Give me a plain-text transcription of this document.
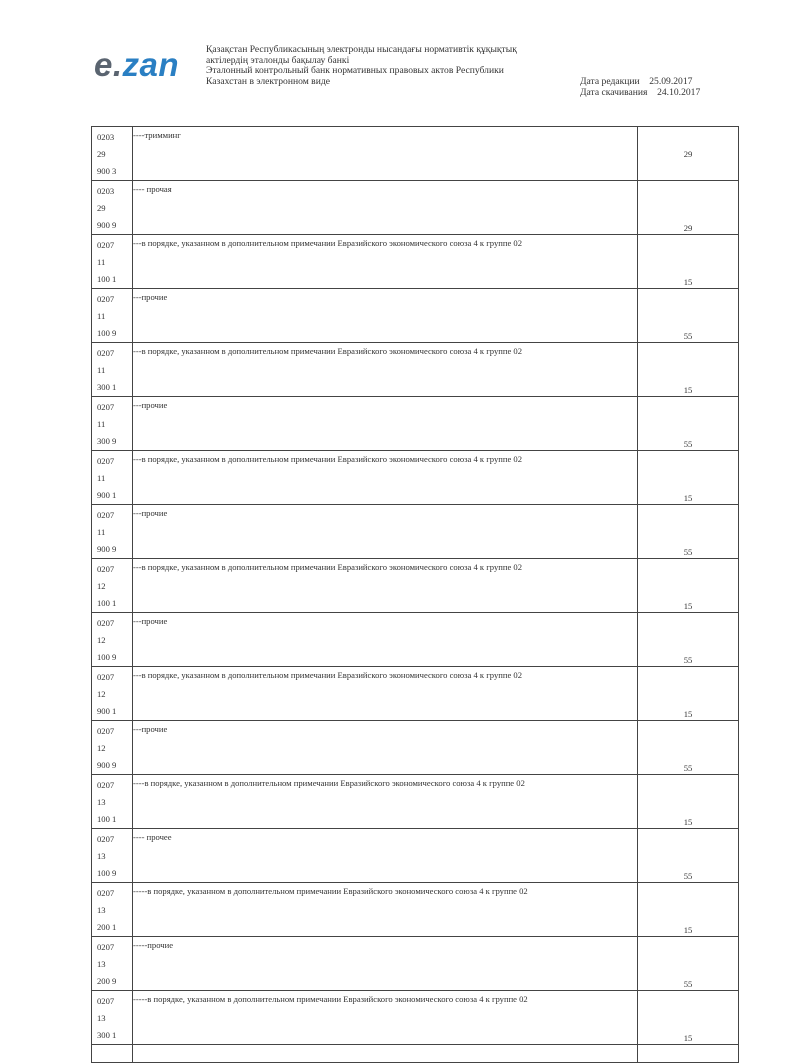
e.zan	Қазақстан Республикасының электронды нысандағы нормативтік құқықтық
актілердің эталонды бақылау банкі
Эталонный контрольный банк нормативных правовых актов Республики
Казахстан в электронном виде	Дата редакции 25.09.2017
Дата скачивания 24.10.2017
0203
29
900 3	----тримминг	29

0203
29
900 9	---- прочая	29

0207
11
100 1	---в порядке, указанном в дополнительном примечании Евразийского экономического союза 4 к группе 02	15

0207
11
100 9	---прочие	55

0207
11
300 1	---в порядке, указанном в дополнительном примечании Евразийского экономического союза 4 к группе 02	15

0207
11
300 9	---прочие	55

0207
11
900 1	---в порядке, указанном в дополнительном примечании Евразийского экономического союза 4 к группе 02	15

0207
11
900 9	---прочие	55

0207
12
100 1	---в порядке, указанном в дополнительном примечании Евразийского экономического союза 4 к группе 02	15

0207
12
100 9	---прочие	55

0207
12
900 1	---в порядке, указанном в дополнительном примечании Евразийского экономического союза 4 к группе 02	15

0207
12
900 9	---прочие	55

0207
13
100 1	----в порядке, указанном в дополнительном примечании Евразийского экономического союза 4 к группе 02	15

0207
13
100 9	---- прочее	55

0207
13
200 1	-----в порядке, указанном в дополнительном примечании Евразийского экономического союза 4 к группе 02	15

0207
13
200 9	-----прочие	55

0207
13
300 1	-----в порядке, указанном в дополнительном примечании Евразийского экономического союза 4 к группе 02	15
